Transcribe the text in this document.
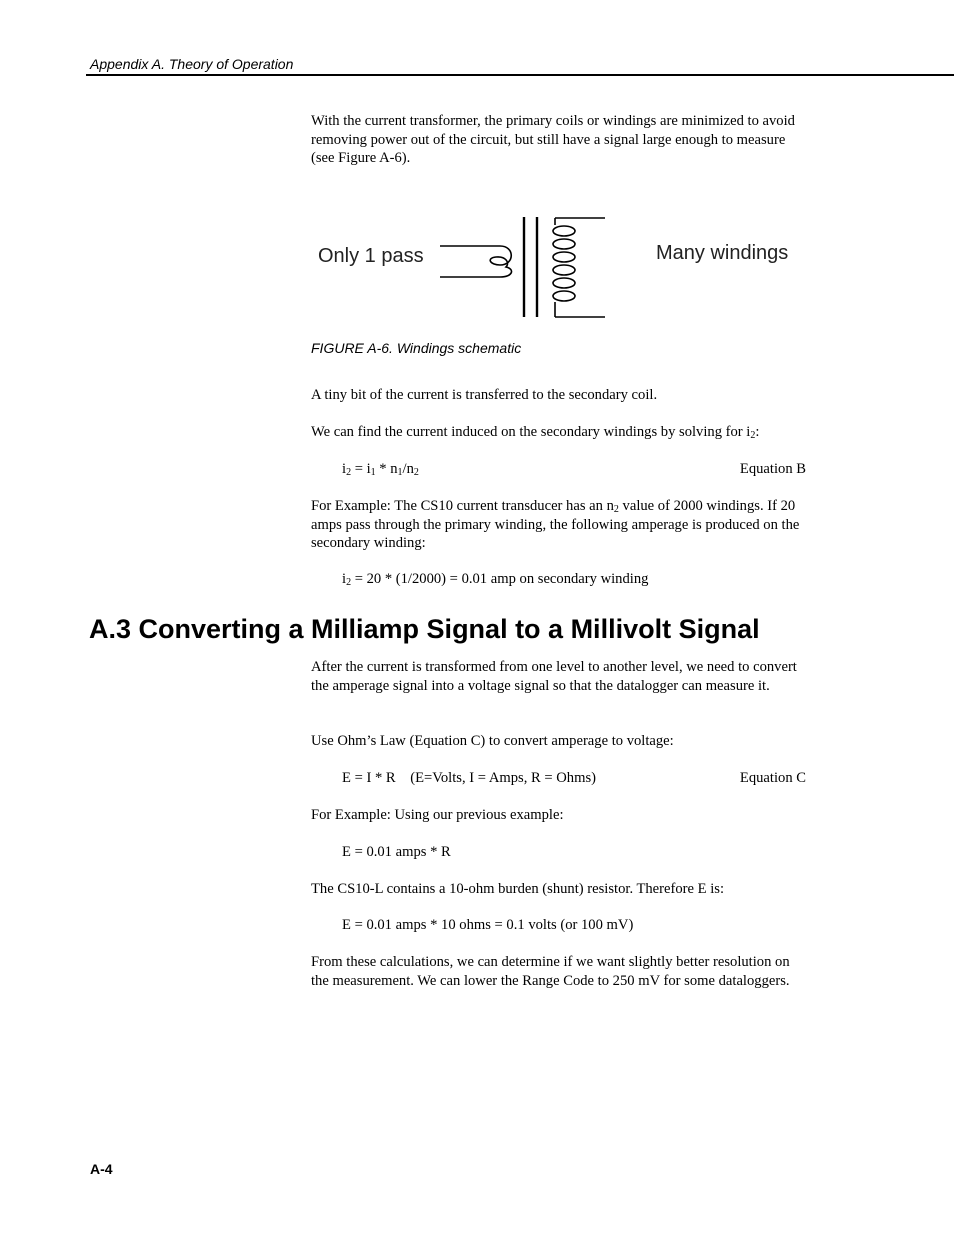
Appendix A. Theory of Operation
With the current transformer, the primary coils or windings are minimized to avoid removing power out of the circuit, but still have a signal large enough to measure (see Figure A-6).
Only 1 pass	Many windings
FIGURE A-6. Windings schematic
A tiny bit of the current is transferred to the secondary coil.
We can find the current induced on the secondary windings by solving for $i_2$:
$i_2 = i_1 * n_1/n_2$	Equation B
For Example: The CS10 current transducer has an $n_2$ value of 2000 windings. If 20 amps pass through the primary winding, the following amperage is produced on the secondary winding:
$i_2 = 20 * (1/2000) = 0.01$ amp on secondary winding
A.3 Converting a Milliamp Signal to a Millivolt Signal
After the current is transformed from one level to another level, we need to convert the amperage signal into a voltage signal so that the datalogger can measure it.
Use Ohm’s Law (Equation C) to convert amperage to voltage:
E = I * R    (E=Volts, I = Amps, R = Ohms)	Equation C
For Example: Using our previous example:
E = 0.01 amps * R
The CS10-L contains a 10-ohm burden (shunt) resistor. Therefore E is:
E = 0.01 amps * 10 ohms = 0.1 volts (or 100 mV)
From these calculations, we can determine if we want slightly better resolution on the measurement. We can lower the Range Code to 250 mV for some dataloggers.
A-4
